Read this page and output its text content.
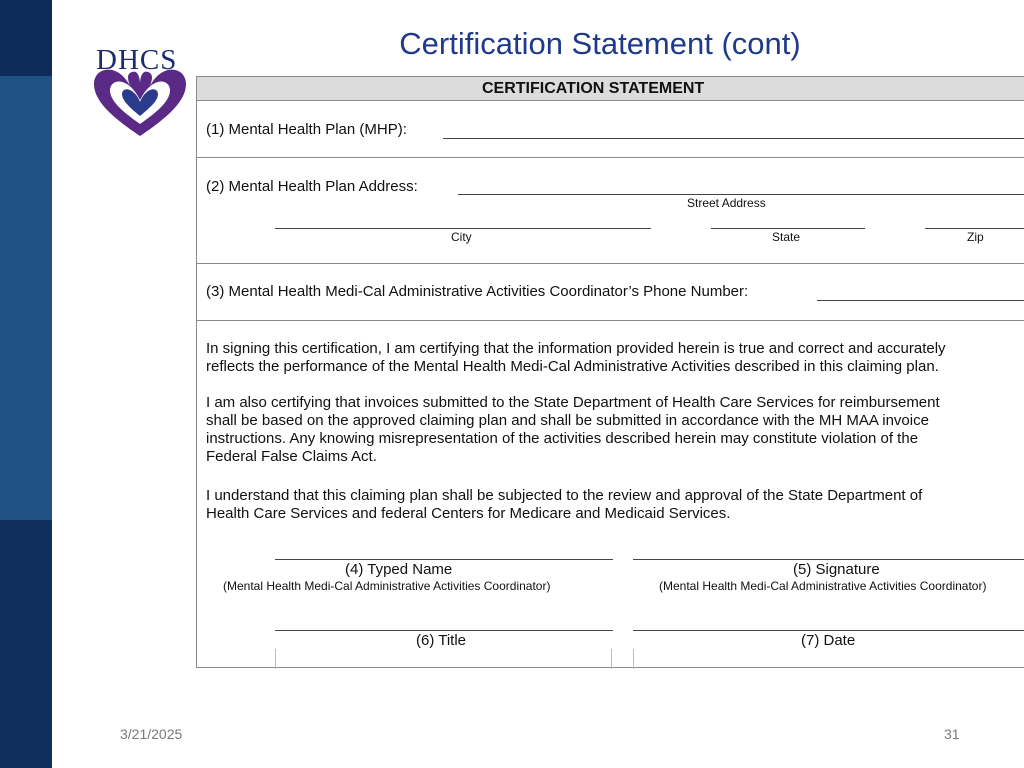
DHCS	Certification Statement (cont)
CERTIFICATION STATEMENT
(1) Mental Health Plan (MHP):
(2) Mental Health Plan Address:
Street Address
City	State	Zip
(3) Mental Health Medi-Cal Administrative Activities Coordinator’s Phone Number:
In signing this certification, I am certifying that the information provided herein is true and correct and accurately
reflects the performance of the Mental Health Medi-Cal Administrative Activities described in this claiming plan.
I am also certifying that invoices submitted to the State Department of Health Care Services for reimbursement
shall be based on the approved claiming plan and shall be submitted in accordance with the MH MAA invoice
instructions. Any knowing misrepresentation of the activities described herein may constitute violation of the
Federal False Claims Act.
I understand that this claiming plan shall be subjected to the review and approval of the State Department of
Health Care Services and federal Centers for Medicare and Medicaid Services.
(4) Typed Name
(Mental Health Medi-Cal Administrative Activities Coordinator)
(5) Signature
(Mental Health Medi-Cal Administrative Activities Coordinator)
(6) Title	(7) Date
3/21/2025	31
